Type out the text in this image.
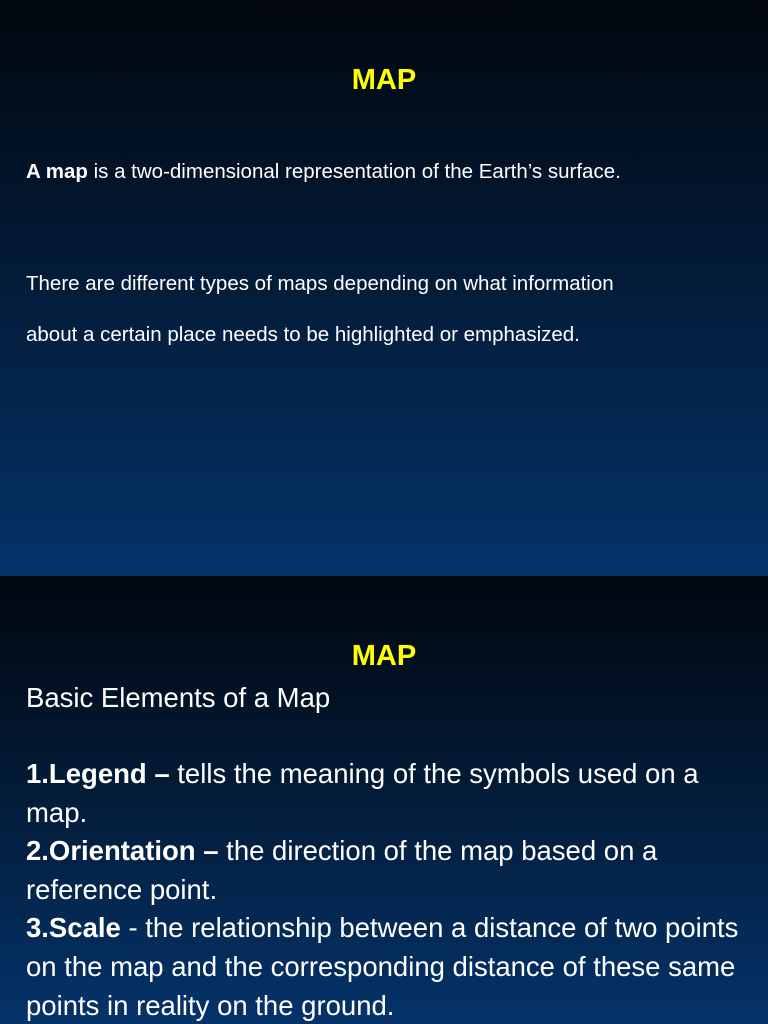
MAP
A map is a two-dimensional representation of the Earth’s surface.
There are different types of maps depending on what information
about a certain place needs to be highlighted or emphasized.
MAP
Basic Elements of a Map

1.Legend – tells the meaning of the symbols used on a map.

2.Orientation – the direction of the map based on a reference point.

3.Scale - the relationship between a distance of two points on the map and the corresponding distance of these same points in reality on the ground.
